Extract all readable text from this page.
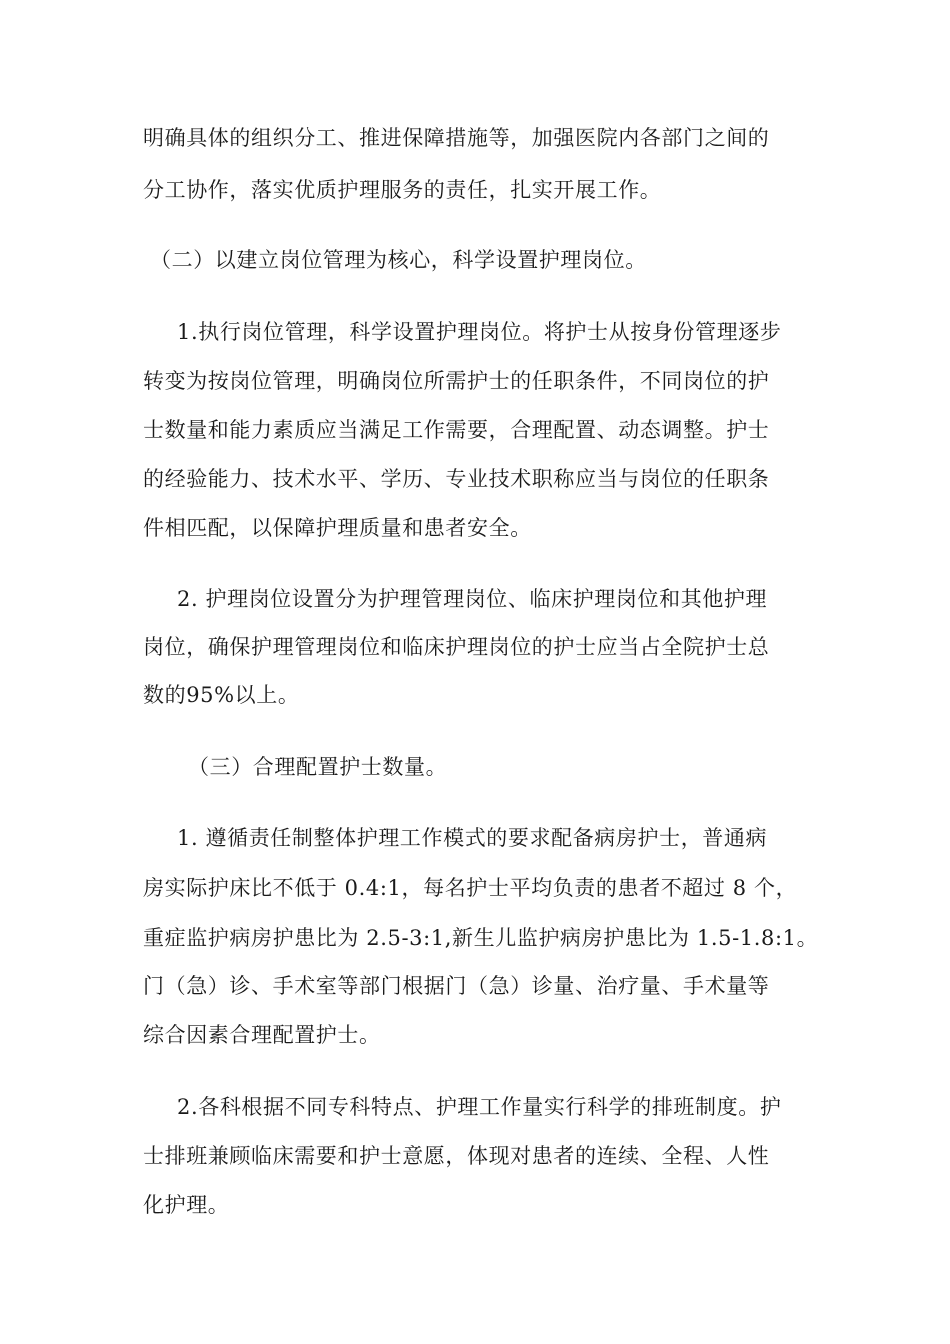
明确具体的组织分工、推进保障措施等，加强医院内各部门之间的

分工协作，落实优质护理服务的责任，扎实开展工作。

（二）以建立岗位管理为核心，科学设置护理岗位。

1.执行岗位管理，科学设置护理岗位。将护士从按身份管理逐步

转变为按岗位管理，明确岗位所需护士的任职条件，不同岗位的护

士数量和能力素质应当满足工作需要，合理配置、动态调整。护士

的经验能力、技术水平、学历、专业技术职称应当与岗位的任职条

件相匹配，以保障护理质量和患者安全。

2. 护理岗位设置分为护理管理岗位、临床护理岗位和其他护理

岗位，确保护理管理岗位和临床护理岗位的护士应当占全院护士总

数的95%以上。

（三）合理配置护士数量。

1. 遵循责任制整体护理工作模式的要求配备病房护士，普通病

房实际护床比不低于 0.4:1，每名护士平均负责的患者不超过 8 个，

重症监护病房护患比为 2.5-3:1,新生儿监护病房护患比为 1.5-1.8:1。

门（急）诊、手术室等部门根据门（急）诊量、治疗量、手术量等

综合因素合理配置护士。

2.各科根据不同专科特点、护理工作量实行科学的排班制度。护

士排班兼顾临床需要和护士意愿，体现对患者的连续、全程、人性

化护理。
